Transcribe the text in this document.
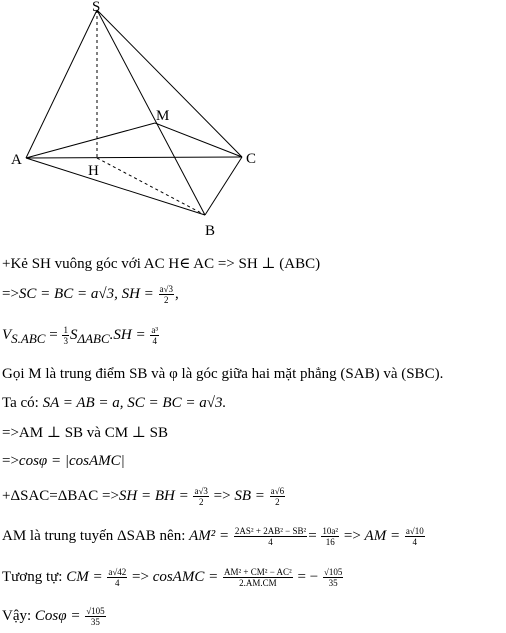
S
A
M
C
H
B
+Kẻ SH vuông góc với AC H∈ AC => SH ⊥ (ABC)
=>SC = BC = a√3, SH = $\frac{a√3}{2}$ ,
$V_{S.ABC} = \frac{1}{3} S_{\Delta ABC}.SH = \frac{\text{a³}}{4}$
Gọi M là trung điểm SB và φ là góc giữa hai mặt phẳng (SAB) và (SBC).
Ta có: SA = AB = a, SC = BC = a√3.
=>AM ⊥ SB và CM ⊥ SB
=>cosφ = |cosAMC|
+ΔSAC=ΔBAC =>SH = BH = $\frac{a√3}{2}$ => SB = $\frac{a√6}{2}$
AM là trung tuyến ΔSAB nên: $AM^2 = \frac{\text{2AS² + 2AB² − SB²}}{4} = \frac{\text{10a²}}{16}$ => AM = $\frac{a√10}{4}$
Tương tự: CM = $\frac{a√42}{4}$ => cosAMC = $\frac{\text{AM² + CM² − AC²}}{2.AM.CM}$ = − $\frac{√105}{35}$
Vậy: $Cos\varphi = \frac{√105}{35}$
